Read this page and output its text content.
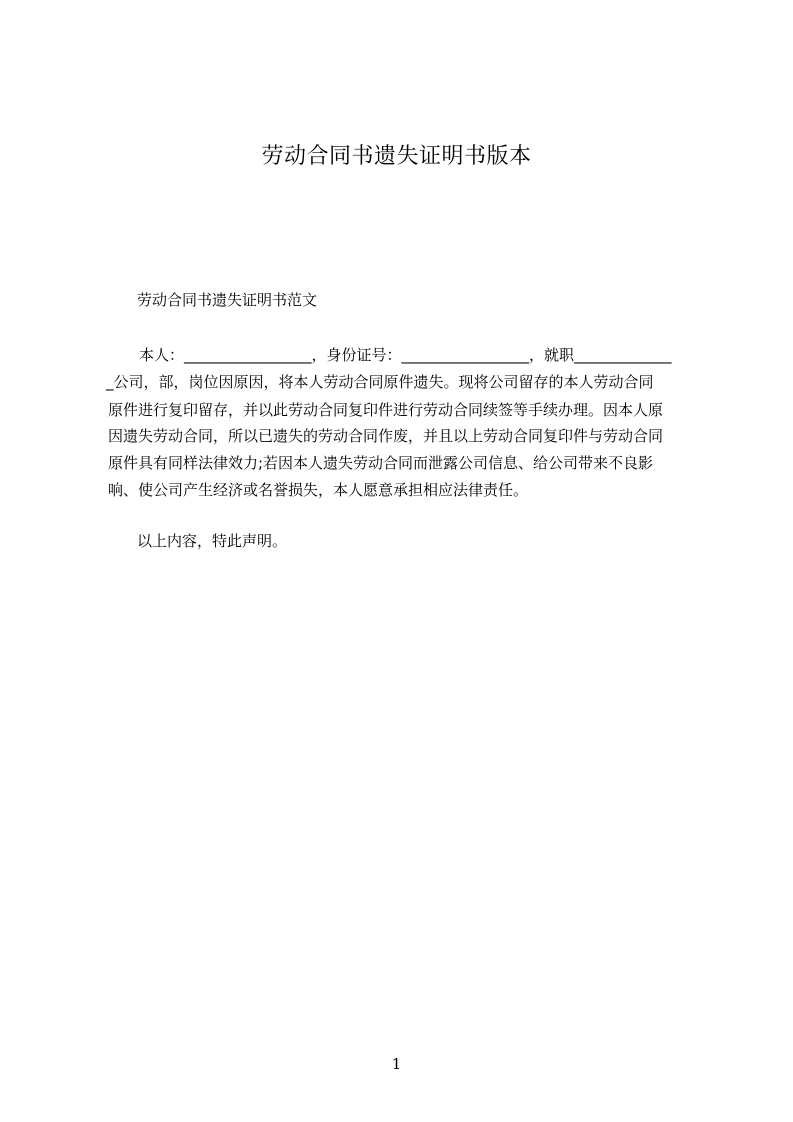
劳动合同书遗失证明书版本
劳动合同书遗失证明书范文
本人：_________________，身份证号：_________________，就职_____________
_公司，部，岗位因原因，将本人劳动合同原件遗失。现将公司留存的本人劳动合同
原件进行复印留存，并以此劳动合同复印件进行劳动合同续签等手续办理。因本人原
因遗失劳动合同，所以已遗失的劳动合同作废，并且以上劳动合同复印件与劳动合同
原件具有同样法律效力;若因本人遗失劳动合同而泄露公司信息、给公司带来不良影
响、使公司产生经济或名誉损失，本人愿意承担相应法律责任。
以上内容，特此声明。
1
